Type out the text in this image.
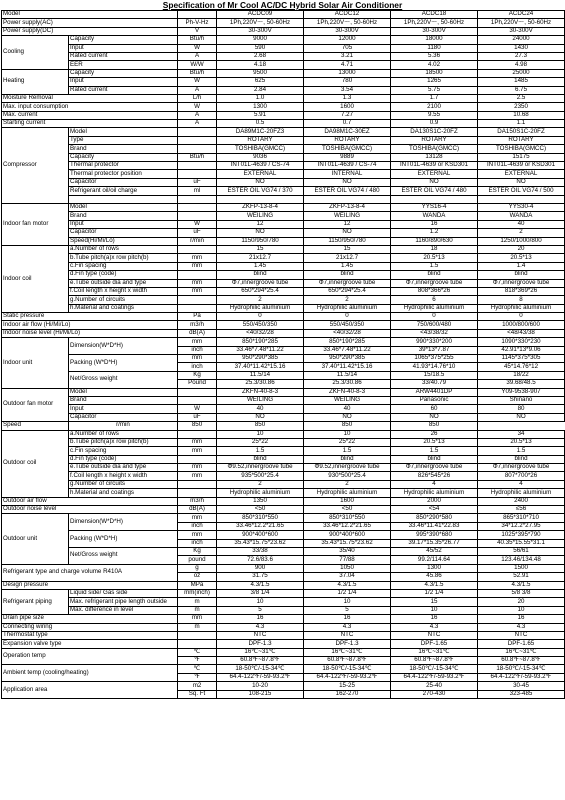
Specification of Mr Cool AC/DC Hybrid Solar Air Conditioner
Model			ACDC09	ACDC12	ACDC18	ACDC24
Power supply(AC)		Ph-V-Hz	1Ph,220V～, 50-60Hz	1Ph,220V～, 50-60Hz	1Ph,220V～, 50-60Hz	1Ph,220V～, 50-60Hz
Power supply(DC)		V	30-300V	30-300V	30-300V	30-300V
Cooling	Capacity	Btu/h	9000	12000	18000	24000
	Input	W	590	705	1180	1430
	Rated current	A	2.68	3.21	5.36	27.3
	EER	W/W	4.18	4.71	4.02	4.98
Heating	Capacity	Btu/h	9500	13000	18500	25000
	Input	W	625	780	1265	1485
	Rated current	A	2.84	3.54	5.75	6.75
Moisture Removal		L/h	1.0	1.3	1.7	2.5
Max. input consumption		W	1300	1600	2100	2350
Max. current		A	5.91	7.27	9.55	10.68
Starting current		A	0.5	0.7	0.9	1.1
Compressor	Model		DA89M1C-20FZ3	DA98M1C-30EZ	DA130S1C-20FZ	DA150S1C-20FZ
	Type		ROTARY	ROTARY	ROTARY	ROTARY
	Brand		TOSHIBA(GMCC)	TOSHIBA(GMCC)	TOSHIBA(GMCC)	TOSHIBA(GMCC)
	Capacity	Btu/h	9036	9889	13128	15175
	Thermal protector		INT01L-4639 / CS-74	INT01L-4639 / CS-74	INT01L-4639 or KSD301	INT01L-4639 or KSD301
	Thermal protector position		EXTERNAL	INTERNAL	EXTERNAL	EXTERNAL
	Capacitor	uF	NO	NO	NO	NO
	Refrigerant oil/oil charge	ml	ESTER OIL VG74 / 370	ESTER OIL VG74 / 480	ESTER OIL VG74 / 480	ESTER OIL VG74 / 500

Indoor fan motor	Model		ZKFP-13-8-4	ZKFP-13-8-4	YYS16-4	YYS30-4
	Brand		WEILING	WEILING	WANDA	WANDA
	Input	W	12	12	16	40
	Capacitor	uF	NO	NO	1.2	2
	Speed(Hi/Mi/Lo)	r/min	1150/950/780	1150/950/780	1160/890/630	1250/1000/800
Indoor coil	a.Number of rows		15	15	18	20
	b.Tube pitch(a)x row pitch(b)	mm	21x12.7	21x12.7	20.5*13	20.5*13
	c.Fin spacing	mm	1.45	1.45	1.5	1.4
	d.Fin type (code)		blind	blind	blind	blind
	e.Tube outside dia and type	mm	Φ7,innergroove tube	Φ7,innergroove tube	Φ7,innergroove tube	Φ7,innergroove tube
	f.Coil length x height x width	mm	650*294*25.4	650*294*25.4	808*366*26	818*369*26
	g.Number of circuits		2	2	6	8
	h.Material and coatings		Hydrophilic aluminium	Hydrophilic aluminium	Hydrophilic aluminium	Hydrophilic aluminium
Static pressure		Pa	0	0	0	0
Indoor air flow (Hi/Mi/Lo)		m3/h	550/450/350	550/450/350	750/600/480	1000/800/600
Indoor noise level (Hi/Mi/Lo)		dB(A)	<40/32/28	<40/32/28	<43/38/32	<48/43/38
Indoor unit	Dimension(W*D*H)	mm	850*190*285	850*190*285	990*330*200	1090*330*230
		inch	33.46*7.48*11.22	33.46*7.48*11.22	39*13*7.87	42.91*13*9.06
	Packing (W*D*H)	mm	950*290*385	950*290*385	1065*375*255	1145*375*305
		inch	37.40*11.42*15.16	37.40*11.42*15.16	41.93*14.76*10	45*14.76*12
	Net/Gross weight	Kg	11.5/14	11.5/14	15/18.5	18/22
		Pound	25.3/30.86	25.3/30.86	33/40.79	39.68/48.5
Outdoor fan motor	Model		ZKFN-40-8-3	ZKFN-40-8-3	ARW4401DP	Y09-9538-907
	Brand		WEILING	WEILING	Panasonic	Shinano
	Input	W	40	40	60	80
	Capacitor	uF	NO	NO	NO	NO
Speed	r/min	850	850	850	850	
Outdoor coil	a.Number of rows		10	10	26	34
	b.Tube pitch(a)x row pitch(b)	mm	25*22	25*22	20.5*13	20.5*13
	c.Fin spacing	mm	1.5	1.5	1.5	1.5
	d.Fin type (code)		blind	blind	blind	blind
	e.Tube outside dia and type	mm	Φ9.52,innergroove tube	Φ9.52,innergroove tube	Φ7,innergroove tube	Φ7,innergroove tube
	f.Coil length x height x width	mm	935*500*25.4	930*500*25.4	826*545*26	807*700*26
	g.Number of circuits		2	2	4	4
	h.Material and coatings		Hydrophilic aluminium	Hydrophilic aluminium	Hydrophilic aluminium	Hydrophilic aluminium
Outdoor air flow		m3/h	1350	1600	2000	2400
Outdoor noise level		dB(A)	<50	<50	<54	≤56
Outdoor unit	Dimension(W*D*H)	mm	850*310*550	850*310*550	850*290*580	865*310*710
		inch	33.46*12.2*21.65	33.46*12.2*21.65	33.46*11.41*22.83	34*12.2*27.95
	Packing (W*D*H)	mm	900*400*600	900*400*600	995*390*680	1025*395*790
		inch	35.43*15.75*23.62	35.43*15.75*23.62	39.17*15.35*26.77	40.35*15.55*31.1
	Net/Gross weight	Kg	33/38	35/40	45/52	56/61
		pound	72.6/83.6	77/88	99.2/114.64	123.46/134.48
Refrigerant type and charge volume R410A		g	900	1050	1300	1500
		oz	31.75	37.04	45.86	52.91
Design pressure		MPa	4.3/1.5	4.3/1.5	4.3/1.5	4.3/1.5
Refrigerant piping	Liquid side/ Gas side	mm(inch)	3/8 1/4	1/2 1/4	1/2 1/4	5/8 3/8
	Max. refrigerant pipe length outside	m	10	10	15	20
	Max. difference in level	m	5	5	10	10
Drain pipe size		mm	16	16	16	16
Connecting wiring		m	4.3	4.3	4.3	4.3
Thermostat type			NTC	NTC	NTC	NTC
Expansion valve type			DPF-1.3	DPF-1.3	DPF-1.65	DPF-1.65
Operation temp		℃	16℃~31℃	16℃~31℃	16℃~31℃	16℃~31℃
		℉	60.8℉~87.8℉	60.8℉~87.8℉	60.8℉~87.8℉	60.8℉~87.8℉
Ambient temp (cooling/heating)		℃	18-50℃/-15-34℃	18-50℃/-15-34℃	18-50℃/-15-34℃	18-50℃/-15-34℃
		℉	64.4-122℉/-59-93.2℉	64.4-122℉/-59-93.2℉	64.4-122℉/-59-93.2℉	64.4-122℉/-59-93.2℉
Application area		m2	10-20	15-25	25-40	30-45
		Sq. Ft	108-215	162-270	270-430	323-485
